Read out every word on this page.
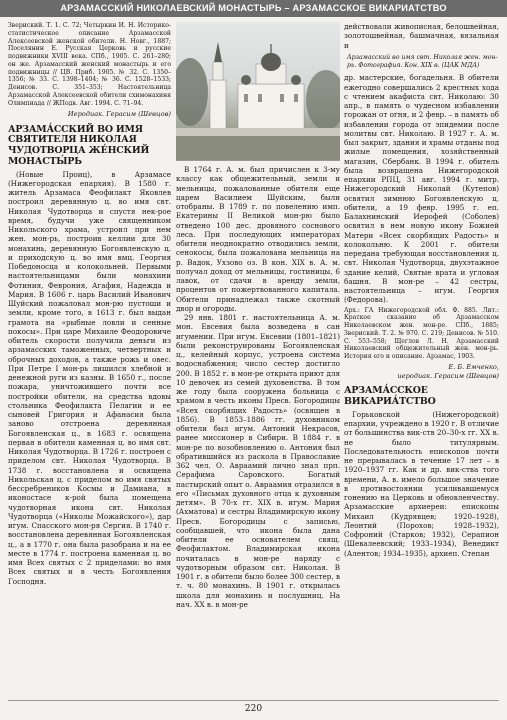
АРЗАМАССКИЙ НИКОЛАЕВСКИЙ МОНАСТЫРЬ – АРЗАМАССКОЕ ВИКАРИАТСТВО
Звериский. Т. 1. С. 72; Четыркин И. Н. Историко-статистическое описание Арзамасской Алексеевской женской обители. Н. Новг., 1887; Поселянин Е. Русская Церковь и русские подвижники XVIII века. СПб., 1905. С. 261–280; он же. Арзамасский женский монастырь и его подвижницы // ЦВ. Приб. 1905. № 32. С. 1350–1356; № 33. С. 1398–1404; № 36. С. 1528–1533; Денисов. С. 351–353; Настоятельница Арзамасской Алексеевской обители схимонахиня Олимпиада // ЖПодв. Авг. 1994. С. 71–94.
Иеродиак. Герасим (Шевцов)
АРЗАМА́ССКИЙ ВО ИМЯ СВЯТИТЕЛЯ НИКОЛАЯ ЧУДОТВОРЦА ЖЕ́НСКИЙ МОНАСТЫ́РЬ

(Новые Проиц), в Арзамасе (Нижегородская епархия). В 1580 г. житель Арзамаса Феофилакт Яковлев построил деревянную ц. во имя свт. Николая Чудотворца и спустя нек-рое время, будучи уже священником Никольского храма, устроил при нем жен. мон-рь, построив келлии для 30 монахинь, деревянную Богоявленскую ц. и приходскую ц. во имя вмц. Георгия Победоносца и колокольней. Первыми настоятельницами были монахини Фотиния, Феврония, Агафия, Надежда и Мария. В 1606 г. царь Василий Иванович Шуйский пожаловал мон-рю пустоши и земли, кроме того, в 1613 г. был выдан грамота на «рыбные ловли и сенные покосы». При царе Михаиле Феодоровиче обитель скорости получила деньги из арзамасских таможенных, четвертных и оброчных доходов, а также рожь и овес. При Петре I мон-рь лишился хлебной и денежной руги из казны. В 1650 г., после пожара, уничтожившего почти все постройки обители, на средства вдовы стольника Феофилакта Пелагии и ее сыновей Григория и Афанасия была заново отстроена деревянная Богоявленская ц., в 1683 г. освящена первая в обители каменная ц. во имя свт. Николая Чудотворца. В 1726 г. построен с приделом свт. Николая Чудотворца. В 1738 г. восстановлена и освящена Никольская ц. с приделом во имя святых бессребреников Космы и Дамиана, в иконостасе к-рой была помещена чудотворная икона свт. Николая Чудотворца («Николы Можайского»), дар игум. Спасского мон-ря Сергия. В 1740 г. восстановлена деревянная Богоявленская ц., а в 1770 г. она была разобрана и на ее месте в 1774 г. построена каменная ц. во имя Всех святых с 2 приделами: во имя Всех святых и в честь Богоявления Господня.

В 1764 г. А. м. был причислен к 3-му классу как общежительный, земли и мельницы, пожалованные обители еще царем Василием Шуйским, были отобраны. В 1789 г. по повелению имп. Екатерины II Великой мон-рю было отведено 100 дес. дровяного соснового леса. При последующих императорах обители неоднократно отводились земли, сенокосы, была пожалована мельница на р. Вадок, Ухзово оз. В кон. XIX в. А. м. получал доход от мельницы, гостиницы, 6 лавок, от сдачи в аренду земли, процентов от пожертвованного капитала. Обители принадлежал также скотный двор и огороды.

29 янв. 1801 г. настоятельница А. м. мон. Евсевия была возведена в сан игумении. При игум. Евсевии (1801–1821) были реконструированы Богоявленская ц., келейный корпус, устроена система водоснабжения; число сестер достигло 200. В 1852 г. в мон-ре открыта приют для 10 девочек из семей духовенства. В том же году была сооружена больница с храмом в честь иконы Пресв. Богородицы «Всех скорбящих Радость» (освящен в 1856). В 1853–1886 гг. духовником обители был игум. Антоний Некрасов, ранее миссионер в Сибири. В 1884 г. в мон-ре по возобновлению о. Антония был обратившийся из раскола в Православие 362 чел. О. Авраамий лично знал прп. Серафима Саровского. Богатый пастырский опыт о. Авраамия отразился в его «Письмах духовного отца к духовным детям». В 70-х гг. XIX в. игум. Мария (Ахматова) и сестры Владимирскую икону Пресв. Богородицы с записью, сообщавшей, что икона была дана обители ее основателем свящ. Феофилактом. Владимирская икона почиталась в мон-ре наряду с чудотворным образом свт. Николая. В 1901 г. в обители было более 300 сестер, в т. ч. 80 монахинь. В 1901 г. открылась школа для монахинь и послушниц. На нач. XX в. в мон-ре

действовали живописная, белошвейная, золотошвейная, башмачная, вязальная и

Арзамасский во имя свт. Николая жен. мон-рь. Фотография. Кон. XIX в. (ЦАК МДА)

др. мастерские, богадельня. В обители ежегодно совершались 2 крестных хода с чтением акафиста свт. Николаю: 30 апр., в память о чудесном избавлении горожан от огня, и 2 февр. – в память об избавлении города от эпидемии после молитвы свт. Николаю. В 1927 г. А. м. был закрыт, здания и храмы отданы под жилые помещения, хозяйственный магазин, Сбербанк. В 1994 г. обитель была возвращена Нижегородской епархии РПЦ, 31 авг. 1994 г. митр. Нижегородский Николай (Кутепов) освятил зимнюю Богоявленскую ц. обители, а 19 февр. 1995 г. еп. Балахнинский Иерофей (Соболев) освятил в нем новую икону Божией Матери «Всех скорбящих Радость» и колокольню. К 2001 г. обители передана требующая восстановления ц. свт. Николая Чудотворца, двухэтажное здание келий, Святые врата и угловая башня. В мон-ре – 42 сестры, настоятельница – игум. Георгия (Федорова).

Арх.: ГА Нижегородской обл. Ф. 885. Лит.: Краткое сказание об Арзамасском Николаевском жен. мон-ре. СПб., 1885; Звериский. Т. 2. № 970. С. 219; Денисов. № 510. С. 553–558; Щеглов Л. Н. Арзамасский Николаевский общежительный жен. мон-рь. История его и описание. Арзамас, 1903.
Е. Б. Емченко,
иеродиак. Герасим (Шевцов)
АРЗАМА́ССКОЕ ВИКАРИА́ТСТВО

Горьковской (Нижегородской) епархии, учреждено в 1920 г. В отличие от большинства вик-ств 20–30-х гг. XX в. не было титулярным. Последовательность епископов почти не прерывалась в течение 17 лет – в 1920–1937 гг. Как и др. вик-ства того времени, А. в. имело большое значение в противостоянии усиливавшемуся гонению на Церковь и обновленчеству. Арзамасские архиереи: епископы Михаил (Кудрявцев; 1920–1928), Леонтий (Порохов; 1928–1932), Софроний (Старков; 1932), Серапион (Шевалеевский; 1933–1934), Венедикт (Алентов; 1934–1935), архиеп. Степан

220
